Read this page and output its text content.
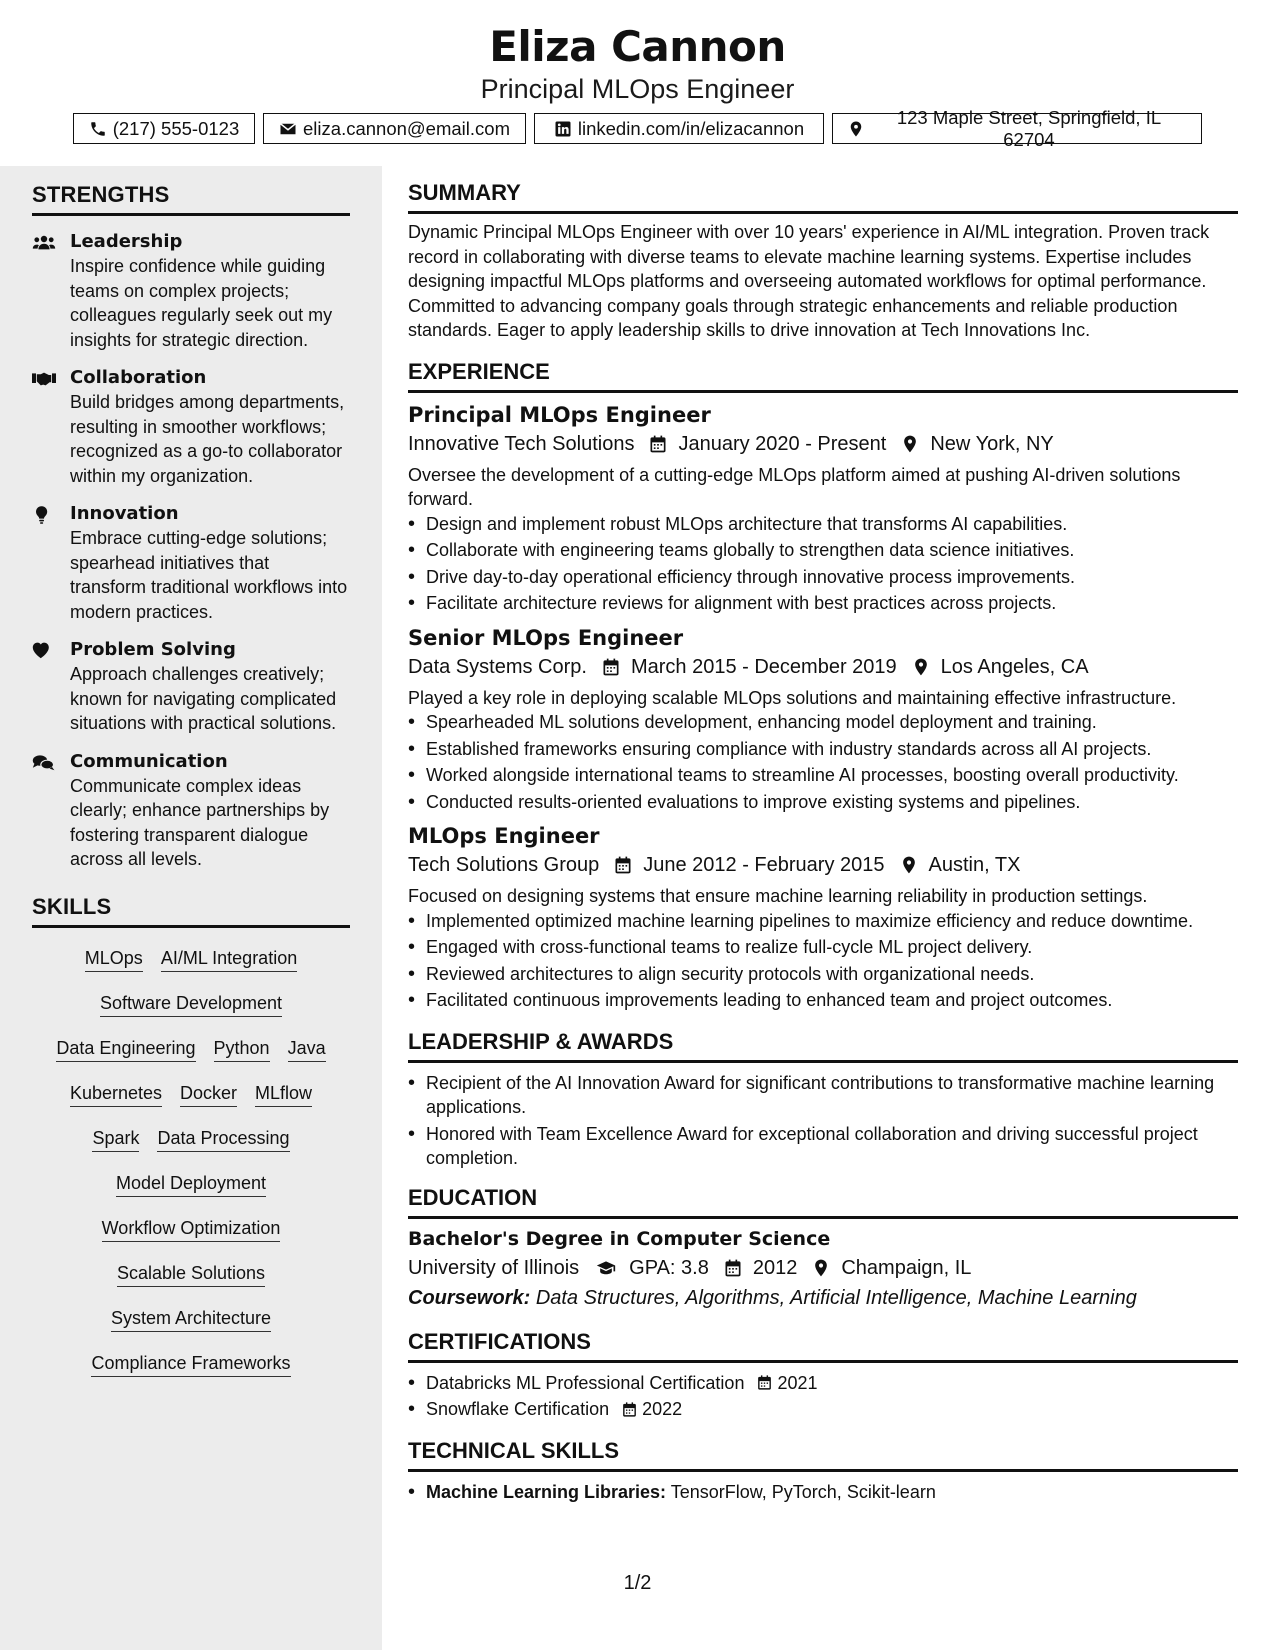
Eliza Cannon
Principal MLOps Engineer
(217) 555-0123	eliza.cannon@email.com	linkedin.com/in/elizacannon
123 Maple Street, Springfield, IL 62704
STRENGTHS
Leadership
Inspire confidence while guiding teams on complex projects; colleagues regularly seek out my insights for strategic direction.
Collaboration
Build bridges among departments, resulting in smoother workflows; recognized as a go-to collaborator within my organization.
Innovation
Embrace cutting-edge solutions; spearhead initiatives that transform traditional workflows into modern practices.
Problem Solving
Approach challenges creatively; known for navigating complicated situations with practical solutions.
Communication
Communicate complex ideas clearly; enhance partnerships by fostering transparent dialogue across all levels.
SKILLS
MLOps AI/ML Integration
Software Development
Data Engineering Python Java
Kubernetes Docker MLflow
Spark Data Processing
Model Deployment
Workflow Optimization
Scalable Solutions
System Architecture
Compliance Frameworks
SUMMARY
Dynamic Principal MLOps Engineer with over 10 years' experience in AI/ML integration. Proven track record in collaborating with diverse teams to elevate machine learning systems. Expertise includes designing impactful MLOps platforms and overseeing automated workflows for optimal performance. Committed to advancing company goals through strategic enhancements and reliable production standards. Eager to apply leadership skills to drive innovation at Tech Innovations Inc.
EXPERIENCE
Principal MLOps Engineer
Innovative Tech Solutions January 2020 - Present New York, NY
Oversee the development of a cutting-edge MLOps platform aimed at pushing AI-driven solutions forward.
• Design and implement robust MLOps architecture that transforms AI capabilities.
• Collaborate with engineering teams globally to strengthen data science initiatives.
• Drive day-to-day operational efficiency through innovative process improvements.
• Facilitate architecture reviews for alignment with best practices across projects.
Senior MLOps Engineer
Data Systems Corp. March 2015 - December 2019 Los Angeles, CA
Played a key role in deploying scalable MLOps solutions and maintaining effective infrastructure.
• Spearheaded ML solutions development, enhancing model deployment and training.
• Established frameworks ensuring compliance with industry standards across all AI projects.
• Worked alongside international teams to streamline AI processes, boosting overall productivity.
• Conducted results-oriented evaluations to improve existing systems and pipelines.
MLOps Engineer
Tech Solutions Group June 2012 - February 2015 Austin, TX
Focused on designing systems that ensure machine learning reliability in production settings.
• Implemented optimized machine learning pipelines to maximize efficiency and reduce downtime.
• Engaged with cross-functional teams to realize full-cycle ML project delivery.
• Reviewed architectures to align security protocols with organizational needs.
• Facilitated continuous improvements leading to enhanced team and project outcomes.
LEADERSHIP & AWARDS
• Recipient of the AI Innovation Award for significant contributions to transformative machine learning applications.
• Honored with Team Excellence Award for exceptional collaboration and driving successful project completion.
EDUCATION
Bachelor's Degree in Computer Science
University of Illinois	GPA: 3.8 2012 Champaign, IL
Coursework: Data Structures, Algorithms, Artificial Intelligence, Machine Learning
CERTIFICATIONS
• Databricks ML Professional Certification 2021
• Snowflake Certification 2022
TECHNICAL SKILLS
• Machine Learning Libraries: TensorFlow, PyTorch, Scikit-learn
1/2
